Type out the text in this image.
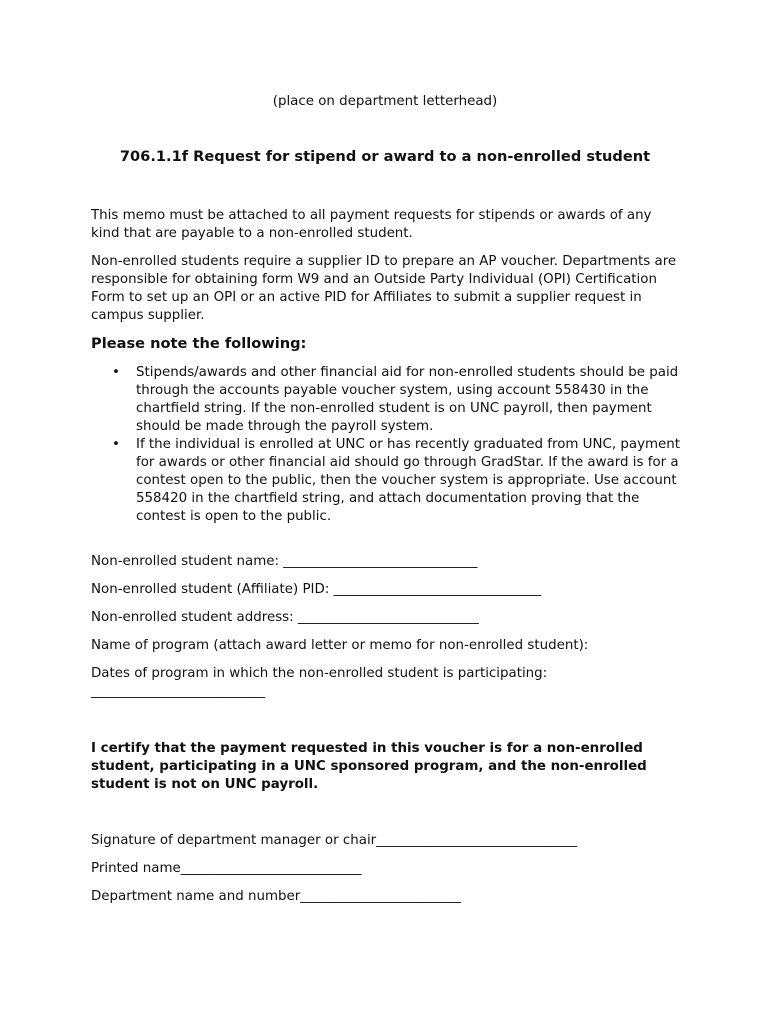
(place on department letterhead)
706.1.1f Request for stipend or award to a non-enrolled student
This memo must be attached to all payment requests for stipends or awards of any kind that are payable to a non-enrolled student.
Non-enrolled students require a supplier ID to prepare an AP voucher. Departments are responsible for obtaining form W9 and an Outside Party Individual (OPI) Certification Form to set up an OPI or an active PID for Affiliates to submit a supplier request in campus supplier.
Please note the following:
• Stipends/awards and other financial aid for non-enrolled students should be paid through the accounts payable voucher system, using account 558430 in the chartfield string. If the non-enrolled student is on UNC payroll, then payment should be made through the payroll system.
• If the individual is enrolled at UNC or has recently graduated from UNC, payment for awards or other financial aid should go through GradStar. If the award is for a contest open to the public, then the voucher system is appropriate. Use account 558420 in the chartfield string, and attach documentation proving that the contest is open to the public.
Non-enrolled student name: _____________________________
Non-enrolled student (Affiliate) PID: _______________________________
Non-enrolled student address: ___________________________
Name of program (attach award letter or memo for non-enrolled student):
Dates of program in which the non-enrolled student is participating: __________________________
I certify that the payment requested in this voucher is for a non-enrolled student, participating in a UNC sponsored program, and the non-enrolled student is not on UNC payroll.
Signature of department manager or chair______________________________
Printed name___________________________
Department name and number________________________
